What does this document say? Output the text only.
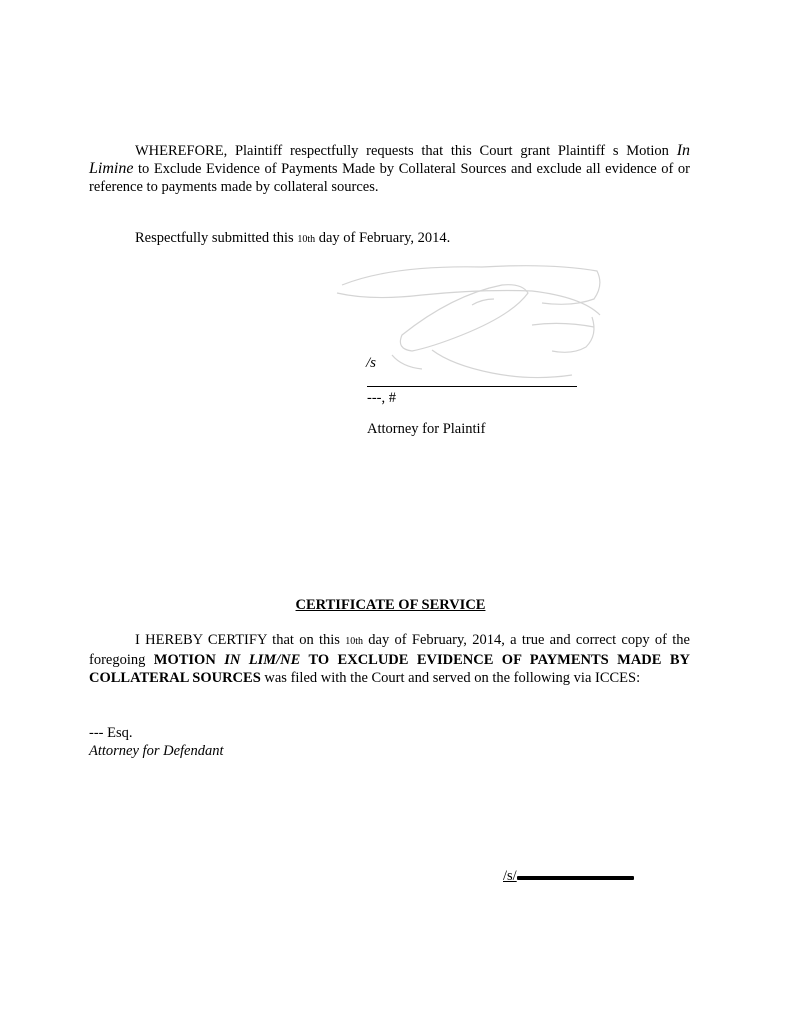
WHEREFORE, Plaintiff respectfully requests that this Court grant Plaintiff s Motion In Limine to Exclude Evidence of Payments Made by Collateral Sources and exclude all evidence of or reference to payments made by collateral sources.

Respectfully submitted this 10th day of February, 2014.

/s

---, #

Attorney for Plaintif

CERTIFICATE OF SERVICE

I HEREBY CERTIFY that on this 10th day of February, 2014, a true and correct copy of the foregoing MOTION IN LIM/NE TO EXCLUDE EVIDENCE OF PAYMENTS MADE BY COLLATERAL SOURCES was filed with the Court and served on the following via ICCES:

--- Esq.

Attorney for Defendant

/s/
